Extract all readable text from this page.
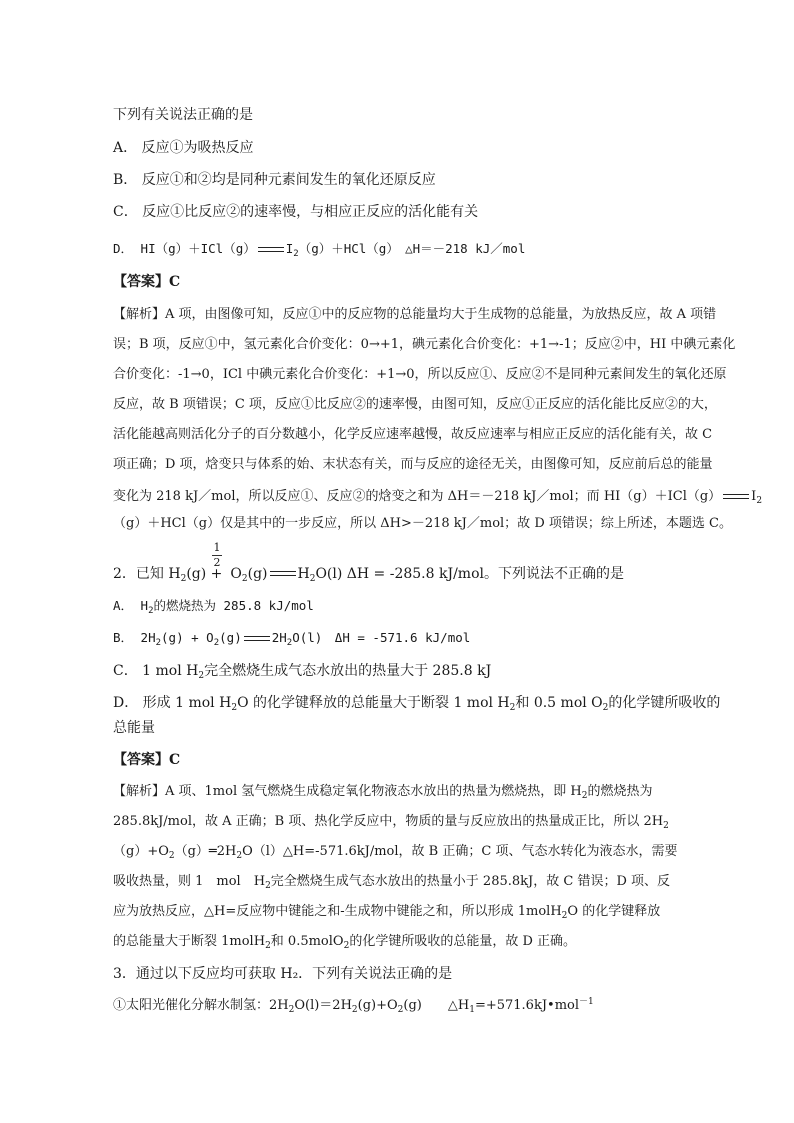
下列有关说法正确的是
A． 反应①为吸热反应
B． 反应①和②均是同种元素间发生的氧化还原反应
C． 反应①比反应②的速率慢，与相应正反应的活化能有关
D． HI（g）＋ICl（g） $I_2(g)+HCl(g)$　△H＝－218 kJ／mol
【答案】C
【解析】A 项，由图像可知，反应①中的反应物的总能量均大于生成物的总能量，为放热反应，故 A 项错
误；B 项，反应①中，氢元素化合价变化：0→+1，碘元素化合价变化：+1→-1；反应②中，HI 中碘元素化
合价变化：-1→0，ICl 中碘元素化合价变化：+1→0，所以反应①、反应②不是同种元素间发生的氧化还原
反应，故 B 项错误；C 项，反应①比反应②的速率慢，由图可知，反应①正反应的活化能比反应②的大，
活化能越高则活化分子的百分数越小，化学反应速率越慢，故反应速率与相应正反应的活化能有关，故 C
项正确；D 项，焓变只与体系的始、末状态有关，而与反应的途径无关，由图像可知，反应前后总的能量
变化为 218 kJ／mol，所以反应①、反应②的焓变之和为 ΔH＝－218 kJ／mol；而 HI（g）＋ICl（g） $I_2$
（g）＋HCl（g）仅是其中的一步反应，所以 ΔH>－218 kJ／mol；故 D 项错误；综上所述，本题选 C。
1
2
2．已知 $H_2(g) + O_2(g)$ $H_2O(l) \Delta H = -285.8$ kJ/mol。下列说法不正确的是
A． $H_2$的燃烧热为 285.8 kJ/mol
B． $2H_2(g) + O_2(g)$ $2H_2O(l)$　ΔH = -571.6 kJ/mol
C． 1 mol $H_2$完全燃烧生成气态水放出的热量大于 285.8 kJ
D． 形成 1 mol $H_2O$ 的化学键释放的总能量大于断裂 1 mol $H_2$和 0.5 mol $O_2$的化学键所吸收的
总能量
【答案】C
【解析】A 项、1mol 氢气燃烧生成稳定氧化物液态水放出的热量为燃烧热，即 $H_2$的燃烧热为
285.8kJ/mol，故 A 正确；B 项、热化学反应中，物质的量与反应放出的热量成正比，所以 $2H_2$
$(g)+O_2(g)═2H_2O(l)\triangle H=-571.6kJ$/mol，故 B 正确；C 项、气态水转化为液态水，需要
吸收热量，则 1　mol　$H_2$完全燃烧生成气态水放出的热量小于 285.8kJ，故 C 错误；D 项、反
应为放热反应，△H=反应物中键能之和-生成物中键能之和，所以形成 1molH$_2$O 的化学键释放
的总能量大于断裂 1molH$_2$和 0.5molO$_2$的化学键所吸收的总能量，故 D 正确。
3．通过以下反应均可获取 H₂．下列有关说法正确的是
①太阳光催化分解水制氢：$2H_2O(l)=2H_2(g)+O_2(g)$　　$\triangle H_1=+571.6kJ•mol^{-1}$
